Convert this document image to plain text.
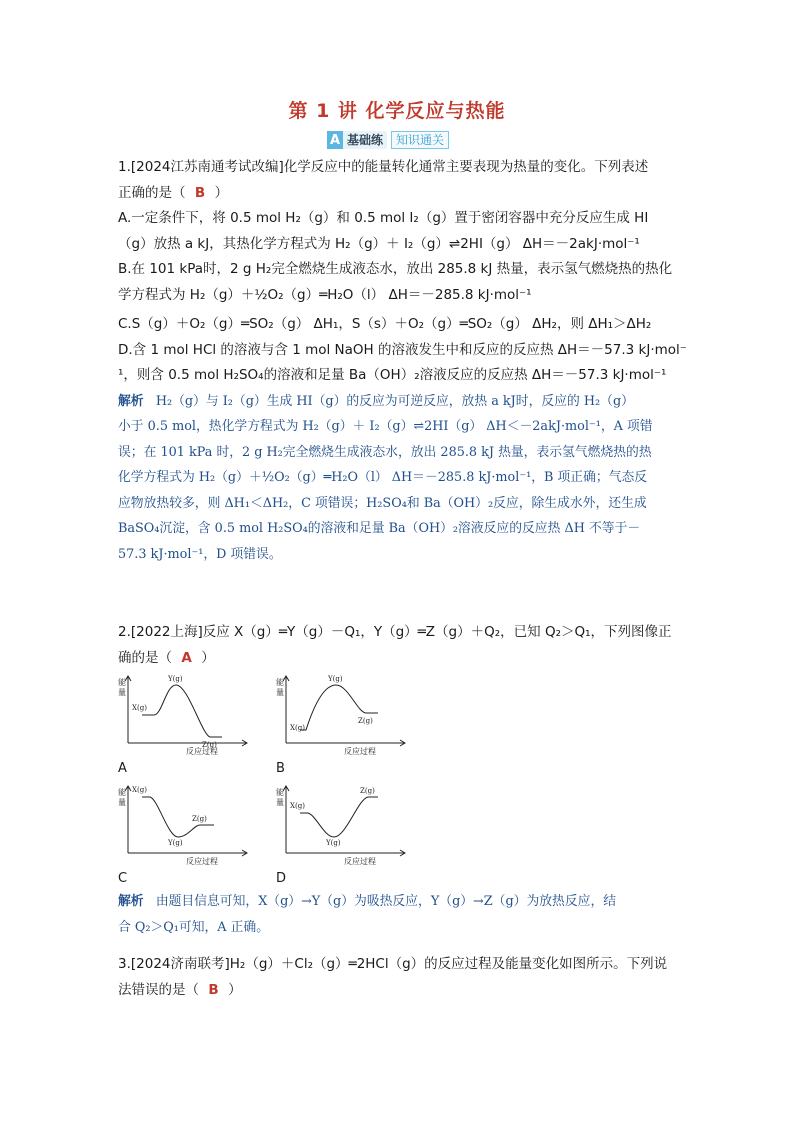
第 1 讲 化学反应与热能
A 基础练	知识通关
1.[2024江苏南通考试改编]化学反应中的能量转化通常主要表现为热量的变化。下列表述
正确的是（ B ）
A.一定条件下，将 0.5 mol H₂（g）和 0.5 mol I₂（g）置于密闭容器中充分反应生成 HI
（g）放热 a kJ，其热化学方程式为 H₂（g）＋ I₂（g）⇌2HI（g） ΔH＝－2akJ·mol⁻¹
B.在 101 kPa时，2 g H₂完全燃烧生成液态水，放出 285.8 kJ 热量，表示氢气燃烧热的热化
学方程式为 H₂（g）＋½O₂（g）═H₂O（l） ΔH＝－285.8 kJ·mol⁻¹
C.S（g）＋O₂（g）═SO₂（g） ΔH₁，S（s）＋O₂（g）═SO₂（g） ΔH₂，则 ΔH₁＞ΔH₂
D.含 1 mol HCl 的溶液与含 1 mol NaOH 的溶液发生中和反应的反应热 ΔH＝－57.3 kJ·mol⁻
¹，则含 0.5 mol H₂SO₄的溶液和足量 Ba（OH）₂溶液反应的反应热 ΔH＝－57.3 kJ·mol⁻¹
解析 H₂（g）与 I₂（g）生成 HI（g）的反应为可逆反应，放热 a kJ时，反应的 H₂（g）
小于 0.5 mol，热化学方程式为 H₂（g）＋ I₂（g）⇌2HI（g） ΔH＜－2akJ·mol⁻¹，A 项错
误；在 101 kPa 时，2 g H₂完全燃烧生成液态水，放出 285.8 kJ 热量，表示氢气燃烧热的热
化学方程式为 H₂（g）＋½O₂（g）═H₂O（l） ΔH＝－285.8 kJ·mol⁻¹，B 项正确；气态反
应物放热较多，则 ΔH₁＜ΔH₂，C 项错误；H₂SO₄和 Ba（OH）₂反应，除生成水外，还生成
BaSO₄沉淀，含 0.5 mol H₂SO₄的溶液和足量 Ba（OH）₂溶液反应的反应热 ΔH 不等于－
57.3 kJ·mol⁻¹，D 项错误。
2.[2022上海]反应 X（g）═Y（g）－Q₁，Y（g）═Z（g）＋Q₂，已知 Q₂＞Q₁，下列图像正
确的是（ A ）
能
量
反应过程
X(g)
Y(g)
Z(g)
A
能
量
反应过程
X(g)
Y(g)
Z(g)
B
能
量
反应过程
X(g)
Y(g)
Z(g)
C
能
量
反应过程
X(g)
Y(g)
Z(g)
D
解析 由题目信息可知，X（g）→Y（g）为吸热反应，Y（g）→Z（g）为放热反应，结
合 Q₂＞Q₁可知，A 正确。
3.[2024济南联考]H₂（g）＋Cl₂（g）═2HCl（g）的反应过程及能量变化如图所示。下列说
法错误的是（ B ）
